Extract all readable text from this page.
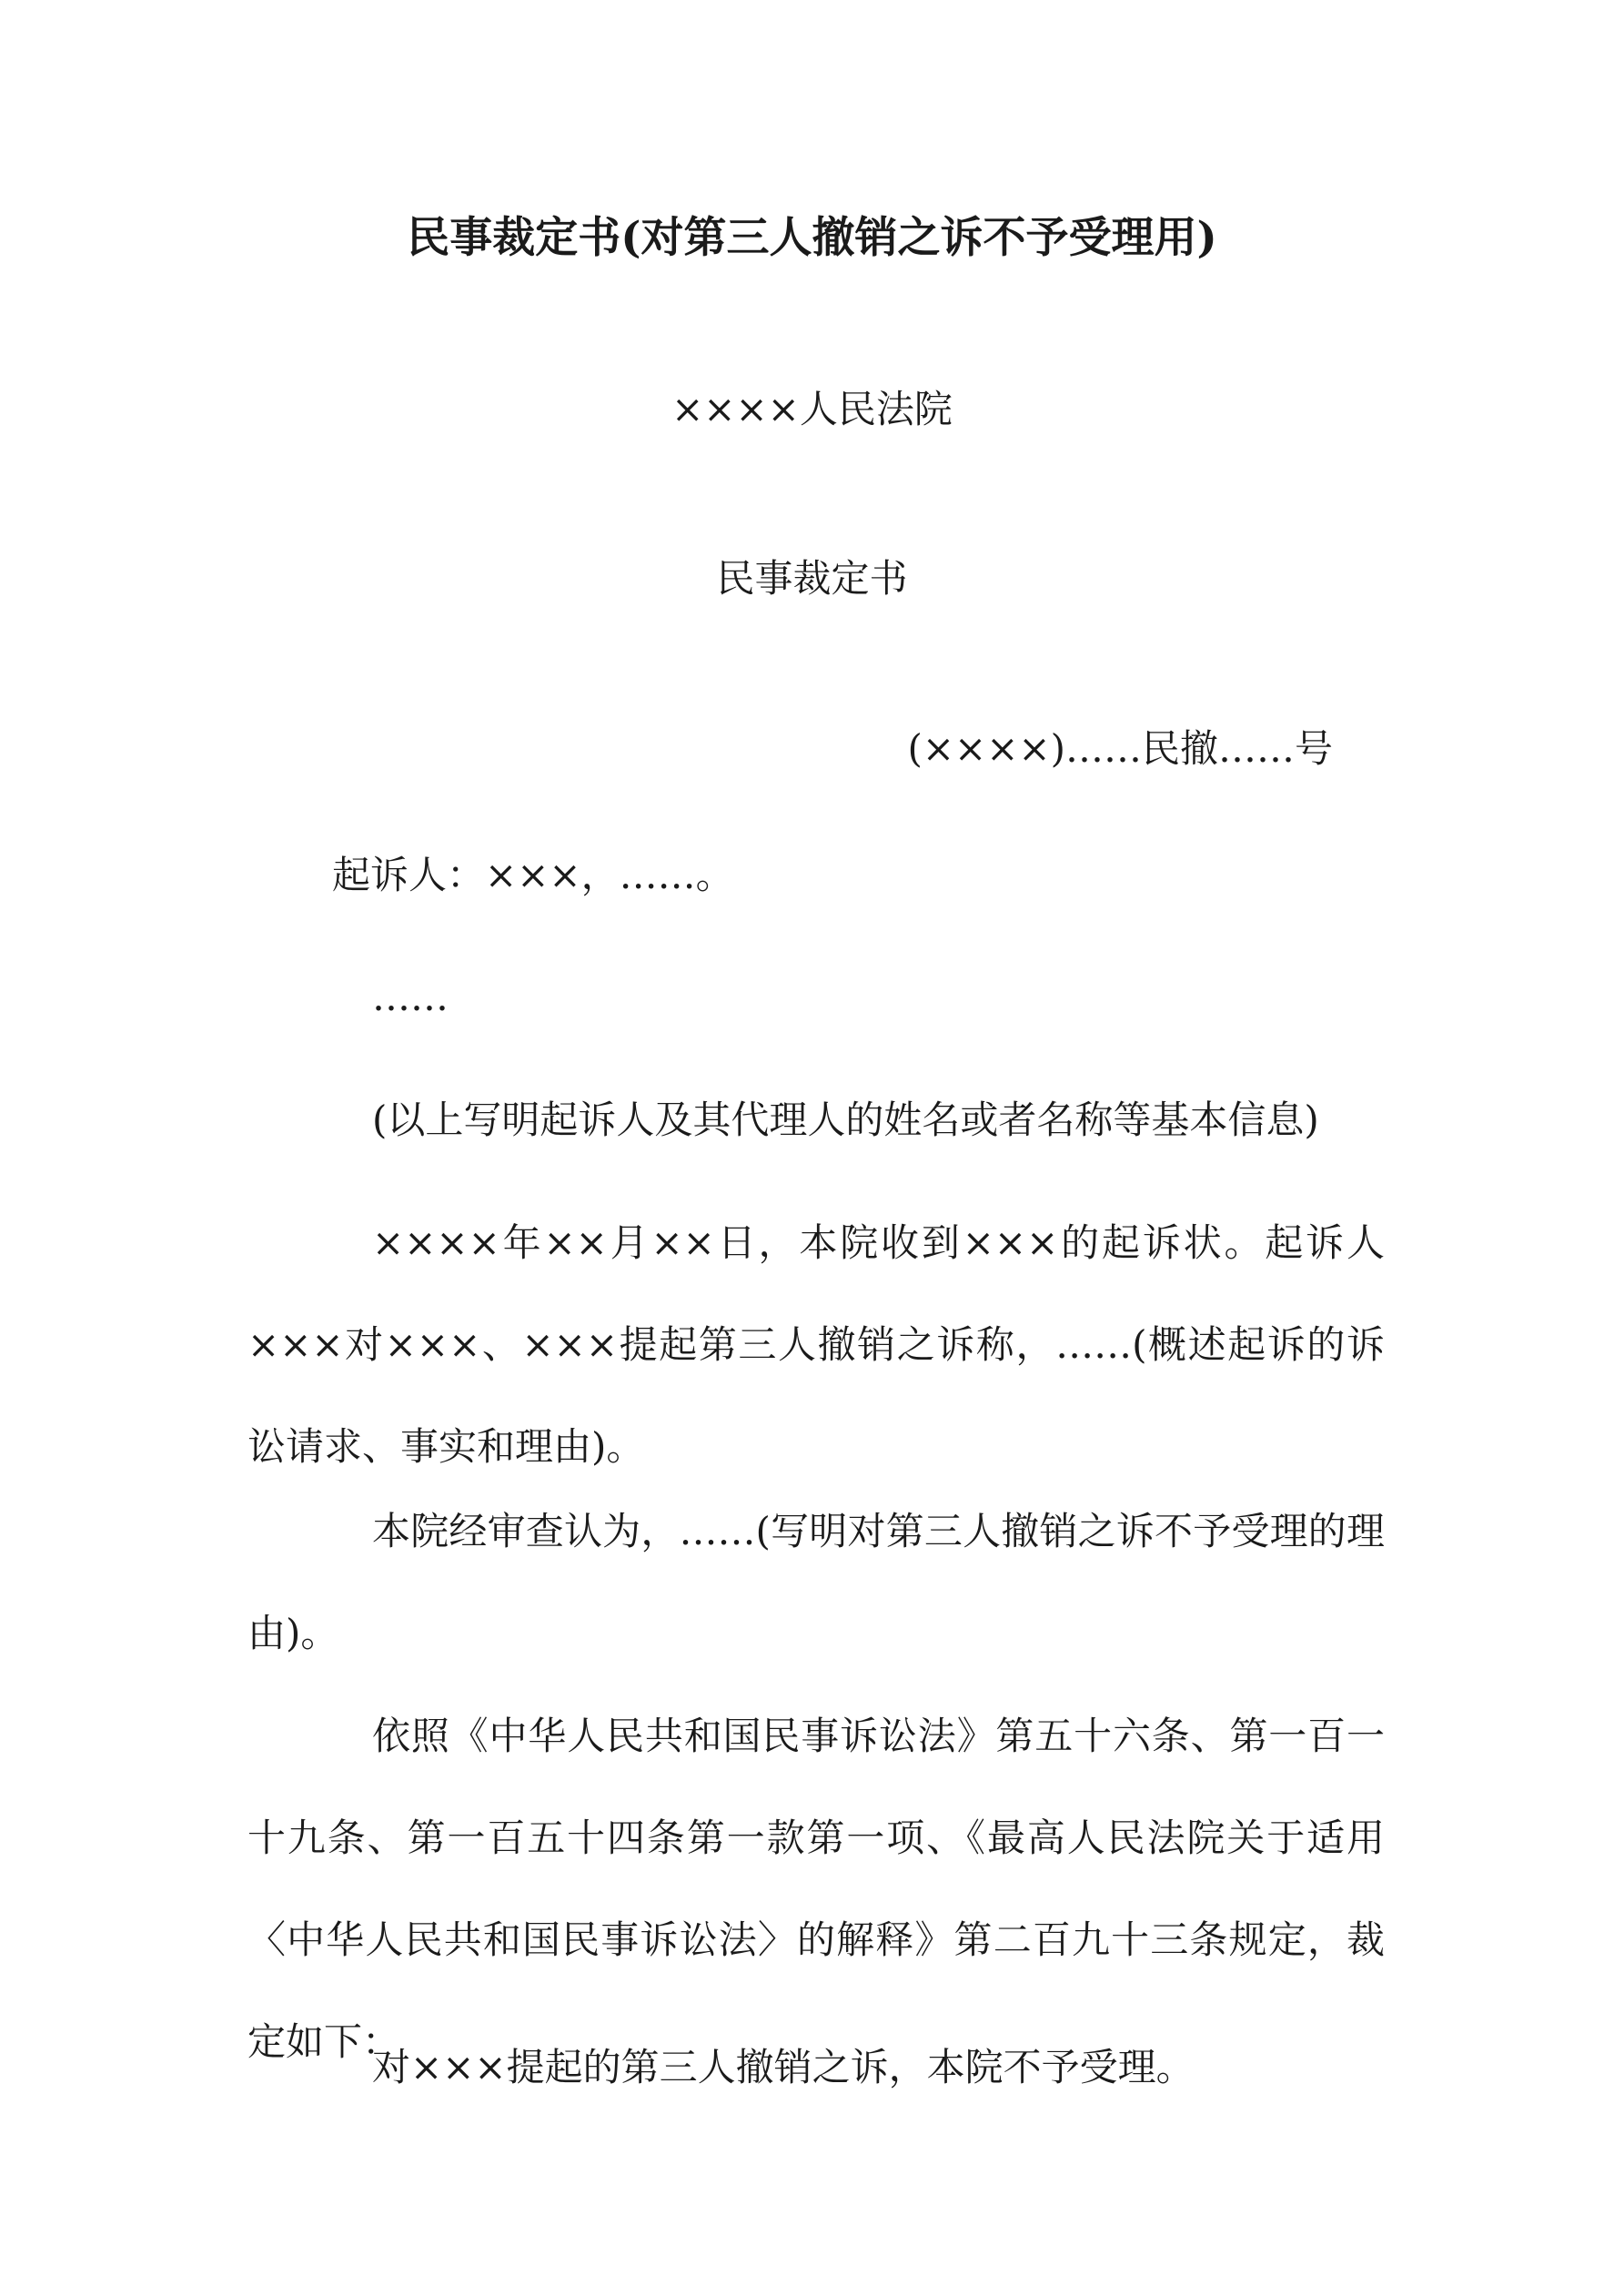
民事裁定书(对第三人撤销之诉不予受理用)
××××人民法院
民事裁定书
(××××)……民撤……号
起诉人：×××，……。
……
(以上写明起诉人及其代理人的姓名或者名称等基本信息)
××××年××月××日，本院收到×××的起诉状。起诉人×××对×××、×××提起第三人撤销之诉称，……(概述起诉的诉讼请求、事实和理由)。
本院经审查认为，……(写明对第三人撤销之诉不予受理的理由)。
依照《中华人民共和国民事诉讼法》第五十六条、第一百一十九条、第一百五十四条第一款第一项、《最高人民法院关于适用〈中华人民共和国民事诉讼法〉的解释》第二百九十三条规定，裁定如下：
对×××提起的第三人撤销之诉，本院不予受理。
